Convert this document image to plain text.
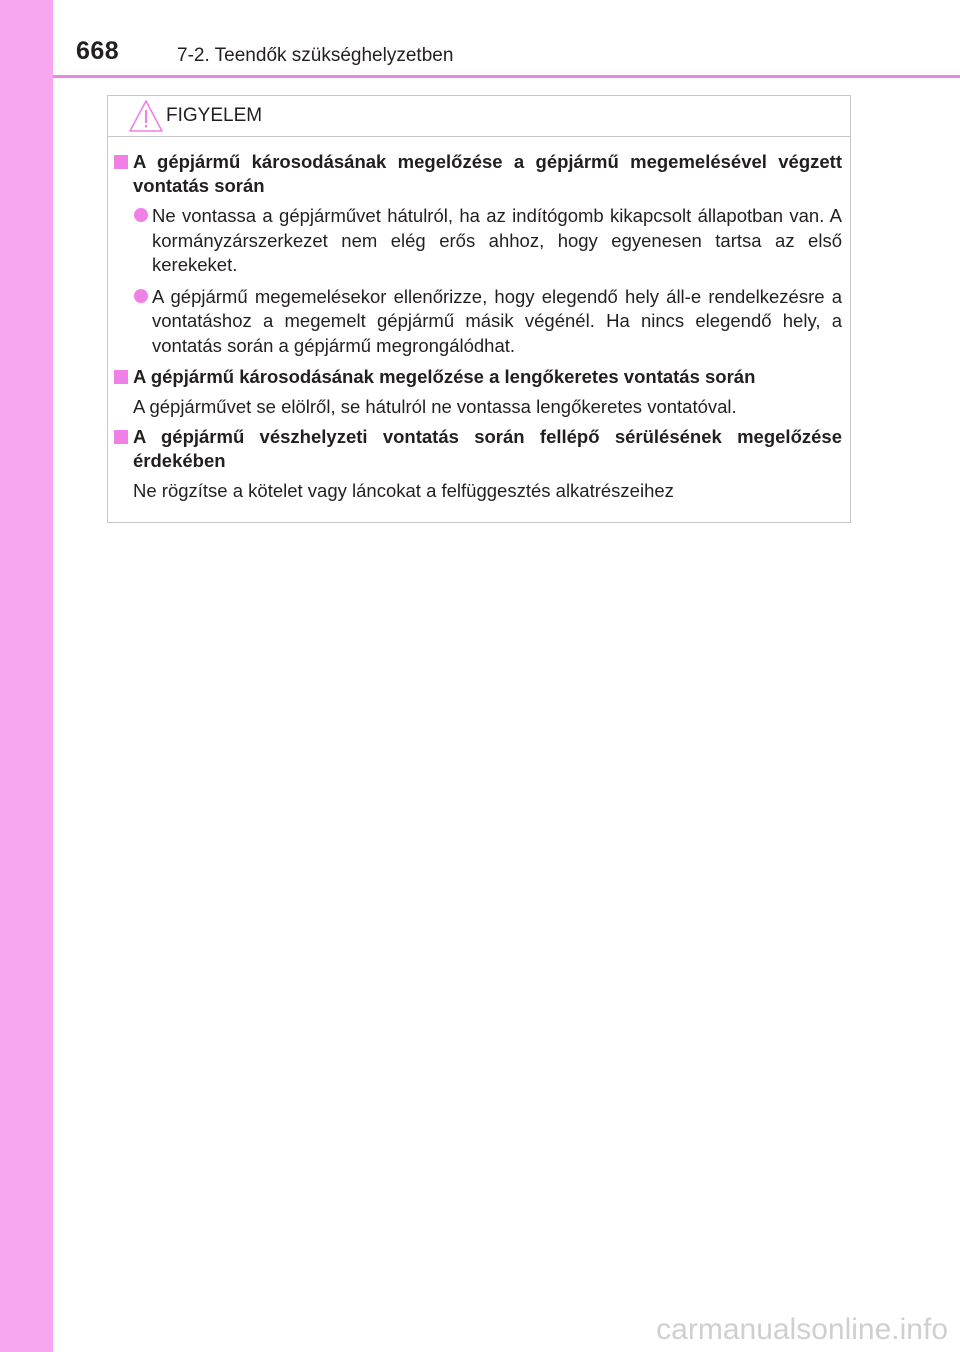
668	7-2. Teendők szükséghelyzetben
FIGYELEM
A gépjármű károsodásának megelőzése a gépjármű megemelésével végzett vontatás során
Ne vontassa a gépjárművet hátulról, ha az indítógomb kikapcsolt állapotban van. A kormányzárszerkezet nem elég erős ahhoz, hogy egyenesen tartsa az első kerekeket.
A gépjármű megemelésekor ellenőrizze, hogy elegendő hely áll-e rendelkezésre a vontatáshoz a megemelt gépjármű másik végénél. Ha nincs elegendő hely, a vontatás során a gépjármű megrongálódhat.
A gépjármű károsodásának megelőzése a lengőkeretes vontatás során
A gépjárművet se elölről, se hátulról ne vontassa lengőkeretes vontatóval.
A gépjármű vészhelyzeti vontatás során fellépő sérülésének megelőzése érdekében
Ne rögzítse a kötelet vagy láncokat a felfüggesztés alkatrészeihez
carmanualsonline.info
